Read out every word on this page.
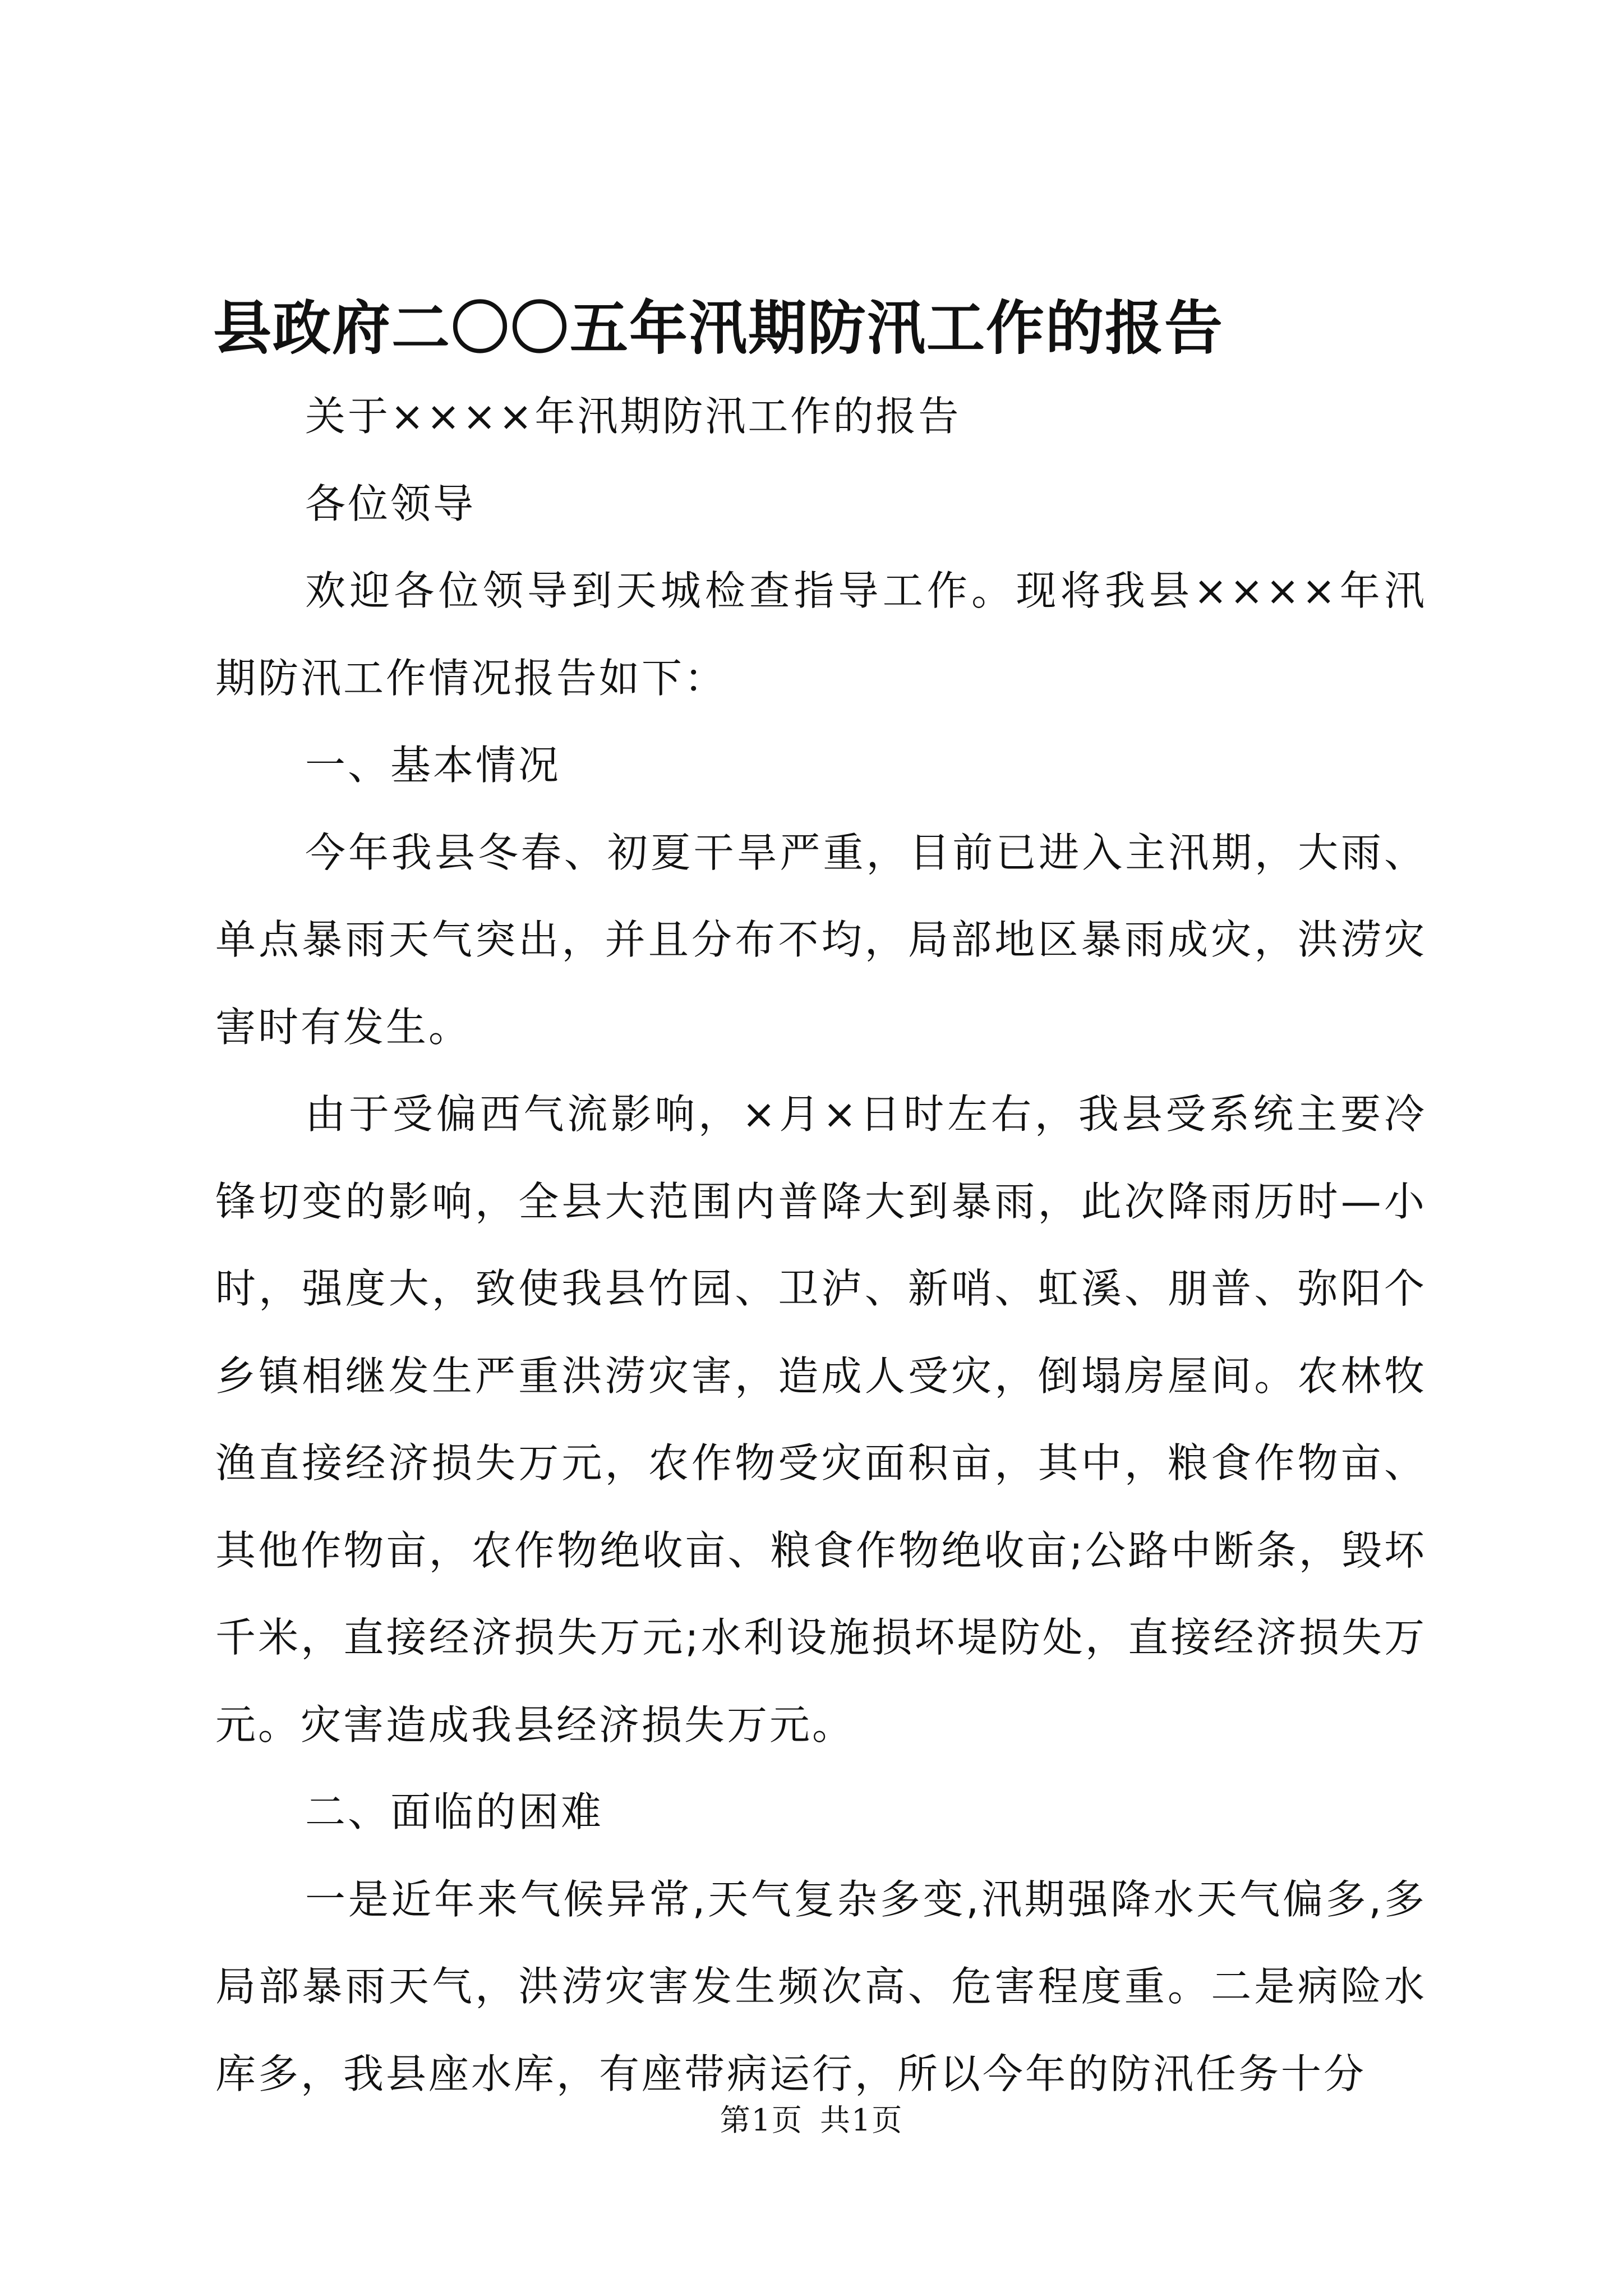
县政府二〇〇五年汛期防汛工作的报告

关于××××年汛期防汛工作的报告

各位领导

欢迎各位领导到天城检查指导工作。现将我县××××年汛期防汛工作情况报告如下：

一、基本情况

今年我县冬春、初夏干旱严重，目前已进入主汛期，大雨、单点暴雨天气突出，并且分布不均，局部地区暴雨成灾，洪涝灾害时有发生。

由于受偏西气流影响，×月×日时左右，我县受系统主要冷锋切变的影响，全县大范围内普降大到暴雨，此次降雨历时—小时，强度大，致使我县竹园、卫泸、新哨、虹溪、朋普、弥阳个乡镇相继发生严重洪涝灾害，造成人受灾，倒塌房屋间。农林牧渔直接经济损失万元，农作物受灾面积亩，其中，粮食作物亩、其他作物亩，农作物绝收亩、粮食作物绝收亩;公路中断条，毁坏千米，直接经济损失万元;水利设施损坏堤防处，直接经济损失万元。灾害造成我县经济损失万元。

二、面临的困难

一是近年来气候异常,天气复杂多变,汛期强降水天气偏多,多局部暴雨天气，洪涝灾害发生频次高、危害程度重。二是病险水库多，我县座水库，有座带病运行，所以今年的防汛任务十分

第1页 共1页
